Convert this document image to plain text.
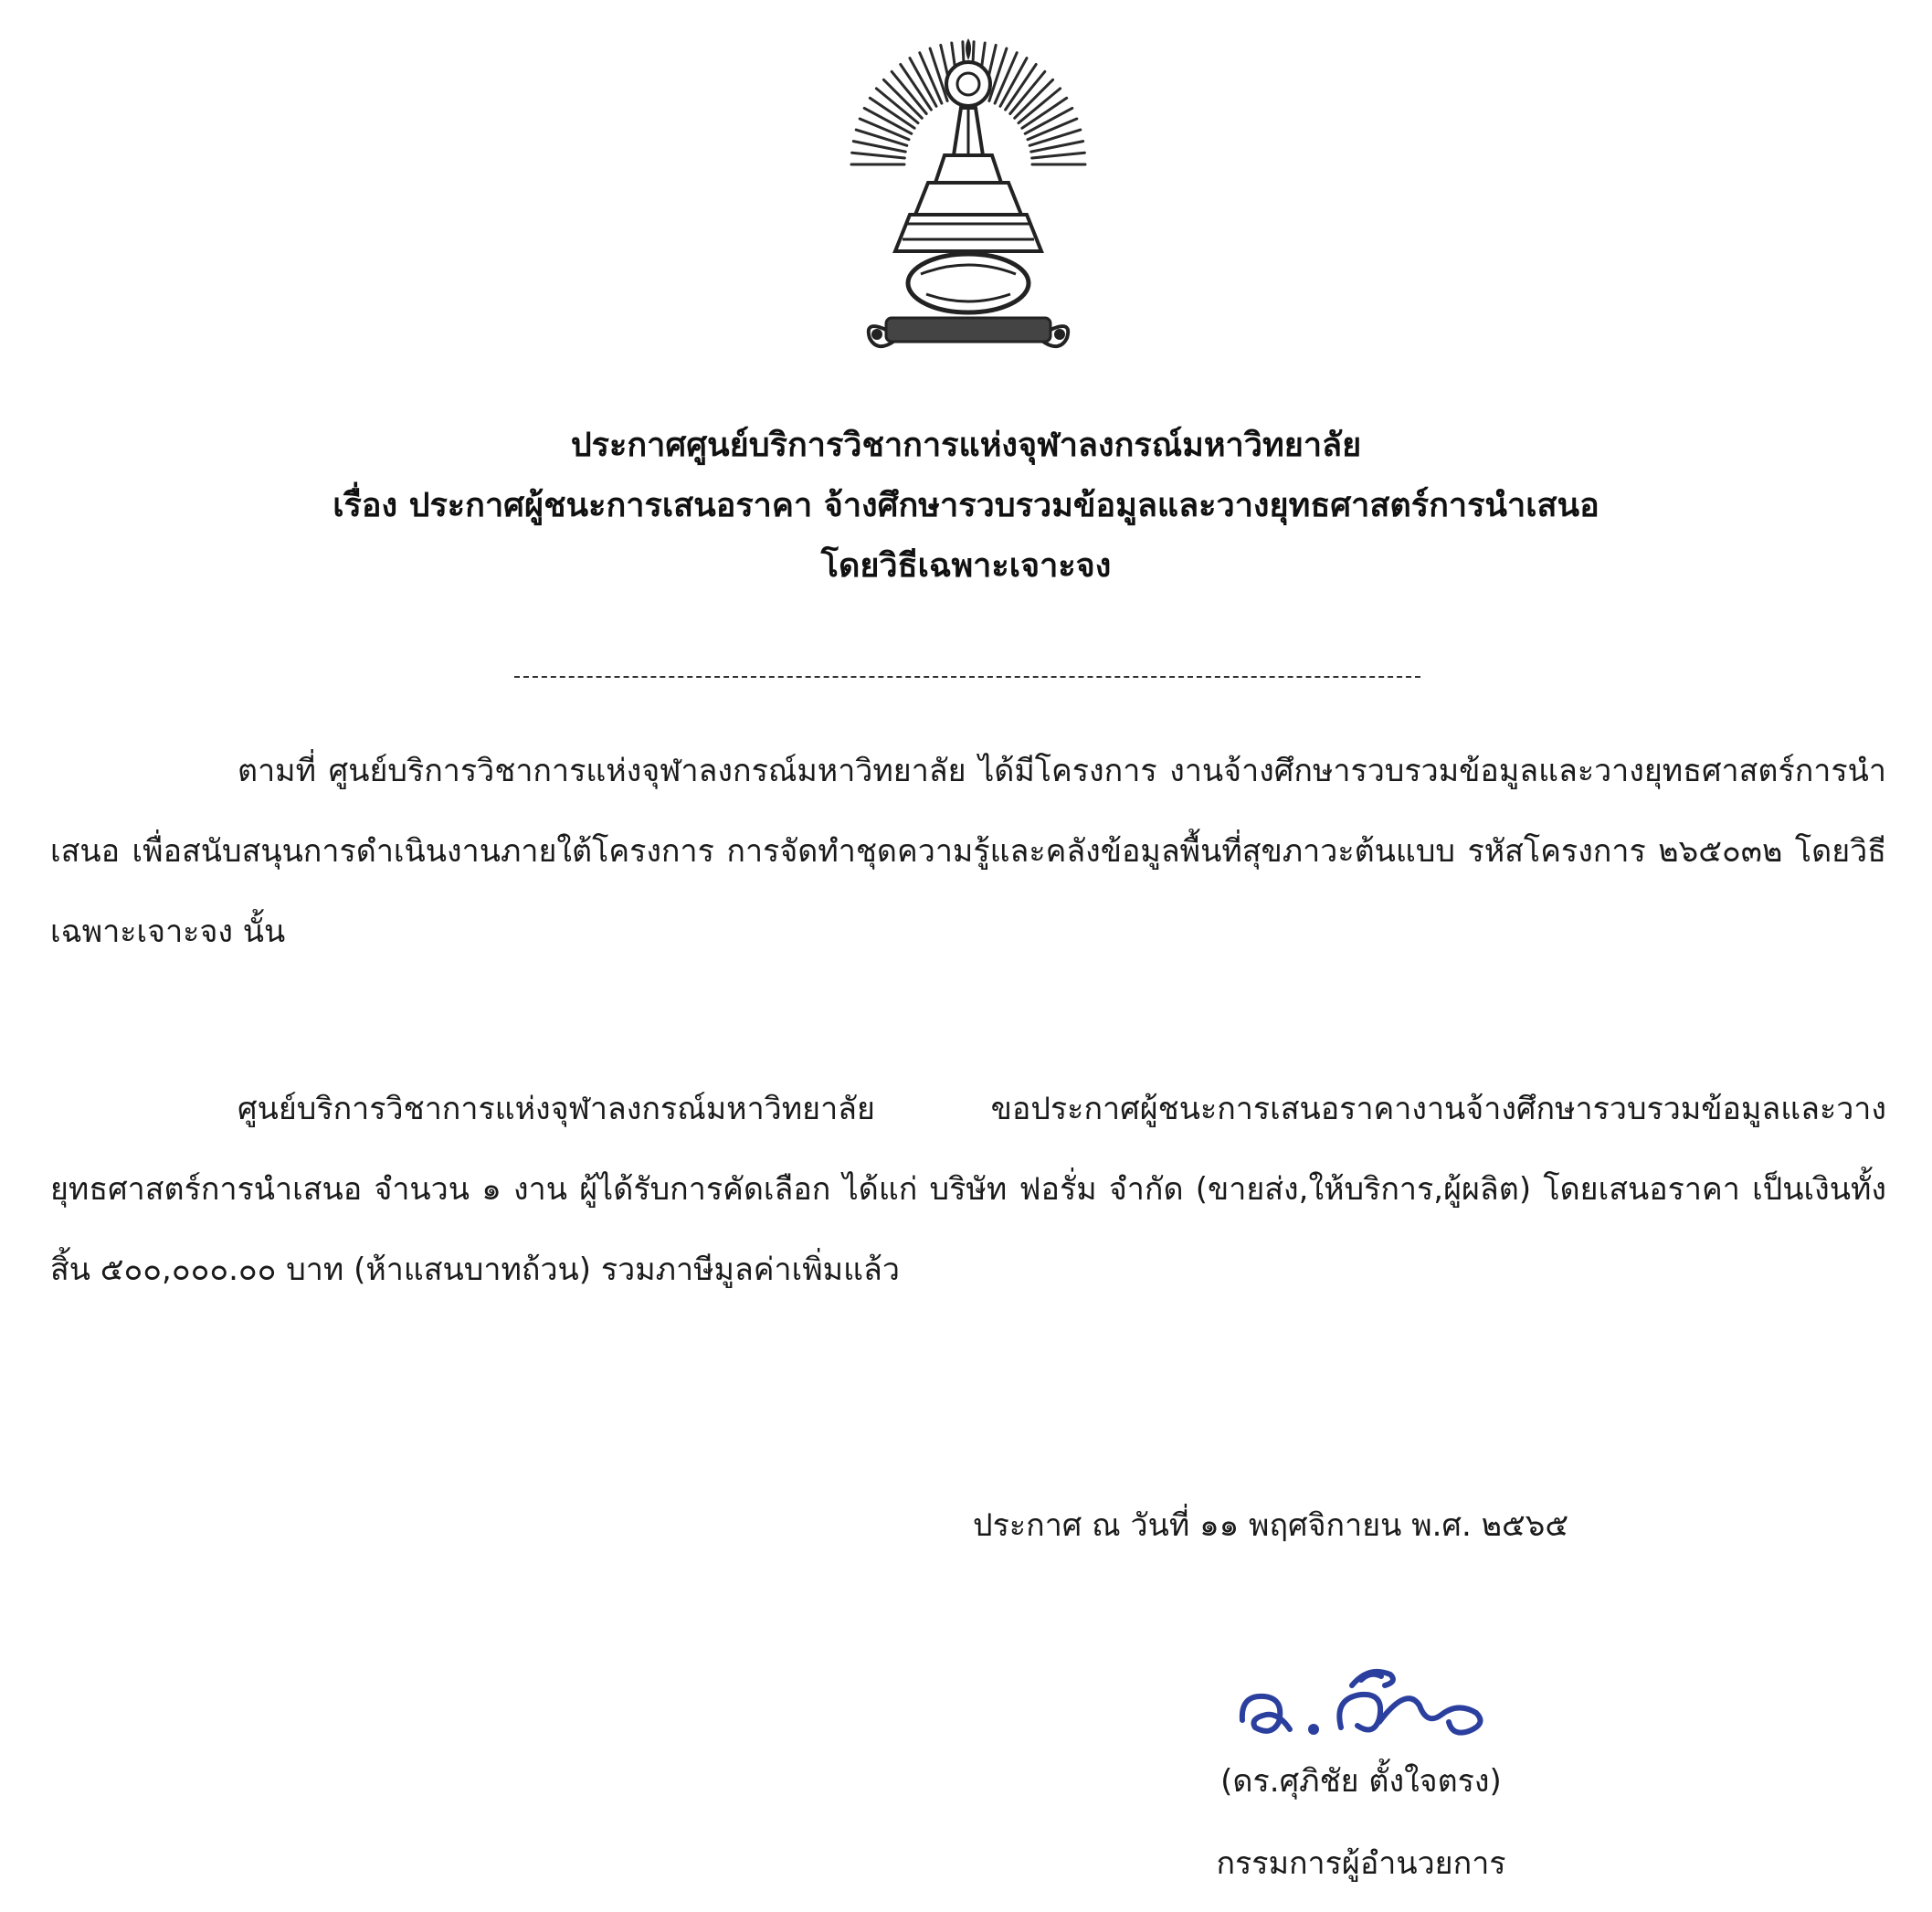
ประกาศศูนย์บริการวิชาการแห่งจุฬาลงกรณ์มหาวิทยาลัย
เรื่อง ประกาศผู้ชนะการเสนอราคา จ้างศึกษารวบรวมข้อมูลและวางยุทธศาสตร์การนำเสนอ
โดยวิธีเฉพาะเจาะจง
ตามที่ ศูนย์บริการวิชาการแห่งจุฬาลงกรณ์มหาวิทยาลัย ได้มีโครงการ งานจ้างศึกษารวบรวมข้อมูลและวางยุทธศาสตร์การนำเสนอ เพื่อสนับสนุนการดำเนินงานภายใต้โครงการ การจัดทำชุดความรู้และคลังข้อมูลพื้นที่สุขภาวะต้นแบบ รหัสโครงการ ๒๖๕๐๓๒ โดยวิธีเฉพาะเจาะจง นั้น
ศูนย์บริการวิชาการแห่งจุฬาลงกรณ์มหาวิทยาลัย ขอประกาศผู้ชนะการเสนอราคางานจ้างศึกษารวบรวมข้อมูลและวางยุทธศาสตร์การนำเสนอ จำนวน ๑ งาน ผู้ได้รับการคัดเลือก ได้แก่ บริษัท ฟอรั่ม จำกัด (ขายส่ง,ให้บริการ,ผู้ผลิต) โดยเสนอราคา เป็นเงินทั้งสิ้น ๕๐๐,๐๐๐.๐๐ บาท (ห้าแสนบาทถ้วน) รวมภาษีมูลค่าเพิ่มแล้ว
ประกาศ ณ วันที่ ๑๑ พฤศจิกายน พ.ศ. ๒๕๖๕
(ดร.ศุภิชัย ตั้งใจตรง)
กรรมการผู้อำนวยการ
